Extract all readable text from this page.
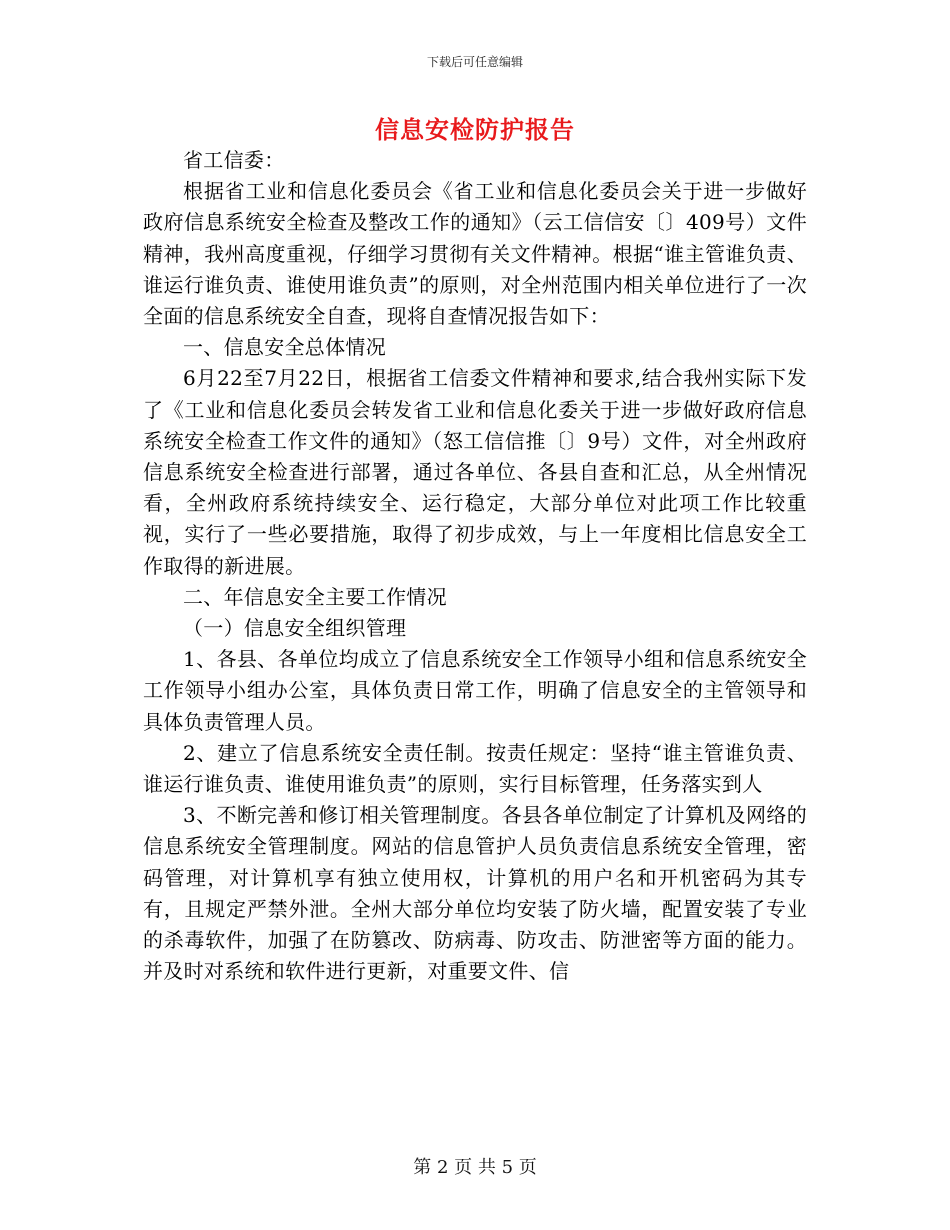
下载后可任意编辑
信息安检防护报告

省工信委：

根据省工业和信息化委员会《省工业和信息化委员会关于进一步做好政府信息系统安全检查及整改工作的通知》（云工信信安〔〕409号）文件精神，我州高度重视，仔细学习贯彻有关文件精神。根据“谁主管谁负责、谁运行谁负责、谁使用谁负责”的原则，对全州范围内相关单位进行了一次全面的信息系统安全自查，现将自查情况报告如下：

一、信息安全总体情况

6月22至7月22日，根据省工信委文件精神和要求,结合我州实际下发了《工业和信息化委员会转发省工业和信息化委关于进一步做好政府信息系统安全检查工作文件的通知》（怒工信信推〔〕9号）文件，对全州政府信息系统安全检查进行部署，通过各单位、各县自查和汇总，从全州情况看，全州政府系统持续安全、运行稳定，大部分单位对此项工作比较重视，实行了一些必要措施，取得了初步成效，与上一年度相比信息安全工作取得的新进展。

二、年信息安全主要工作情况

（一）信息安全组织管理

1、各县、各单位均成立了信息系统安全工作领导小组和信息系统安全工作领导小组办公室，具体负责日常工作，明确了信息安全的主管领导和具体负责管理人员。

2、建立了信息系统安全责任制。按责任规定：坚持“谁主管谁负责、谁运行谁负责、谁使用谁负责”的原则，实行目标管理，任务落实到人

3、不断完善和修订相关管理制度。各县各单位制定了计算机及网络的信息系统安全管理制度。网站的信息管护人员负责信息系统安全管理，密码管理，对计算机享有独立使用权，计算机的用户名和开机密码为其专有，且规定严禁外泄。全州大部分单位均安装了防火墙，配置安装了专业的杀毒软件，加强了在防篡改、防病毒、防攻击、防泄密等方面的能力。并及时对系统和软件进行更新，对重要文件、信

第 2 页 共 5 页
